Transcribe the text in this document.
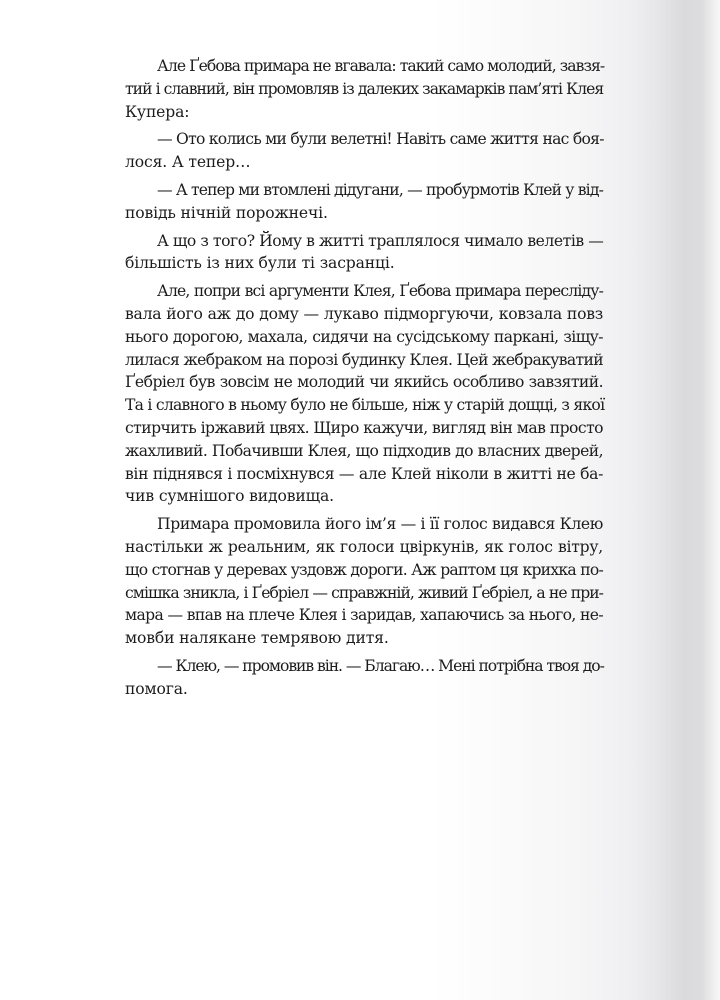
Але Ґебова примара не вгавала: такий само молодий, завзя-
тий і славний, він промовляв із далеких закамарків пам’яті Клея
Купера:

— Ото колись ми були велетні! Навіть саме життя нас боя-
лося. А тепер…

— А тепер ми втомлені дідугани, — пробурмотів Клей у від-
повідь нічній порожнечі.

А що з того? Йому в житті траплялося чимало велетів —
більшість із них були ті засранці.

Але, попри всі аргументи Клея, Ґебова примара пересліду-
вала його аж до дому — лукаво підморгуючи, ковзала повз
нього дорогою, махала, сидячи на сусідському паркані, зіщу-
лилася жебраком на порозі будинку Клея. Цей жебракуватий
Ґебріел був зовсім не молодий чи якийсь особливо завзятий.
Та і славного в ньому було не більше, ніж у старій дощці, з якої
стирчить іржавий цвях. Щиро кажучи, вигляд він мав просто
жахливий. Побачивши Клея, що підходив до власних дверей,
він піднявся і посміхнувся — але Клей ніколи в житті не ба-
чив сумнішого видовища.

Примара промовила його ім’я — і її голос видався Клею
настільки ж реальним, як голоси цвіркунів, як голос вітру,
що стогнав у деревах уздовж дороги. Аж раптом ця крихка по-
смішка зникла, і Ґебріел — справжній, живий Ґебріел, а не при-
мара — впав на плече Клея і заридав, хапаючись за нього, не-
мовби налякане темрявою дитя.

— Клею, — промовив він. — Благаю… Мені потрібна твоя до-
помога.
